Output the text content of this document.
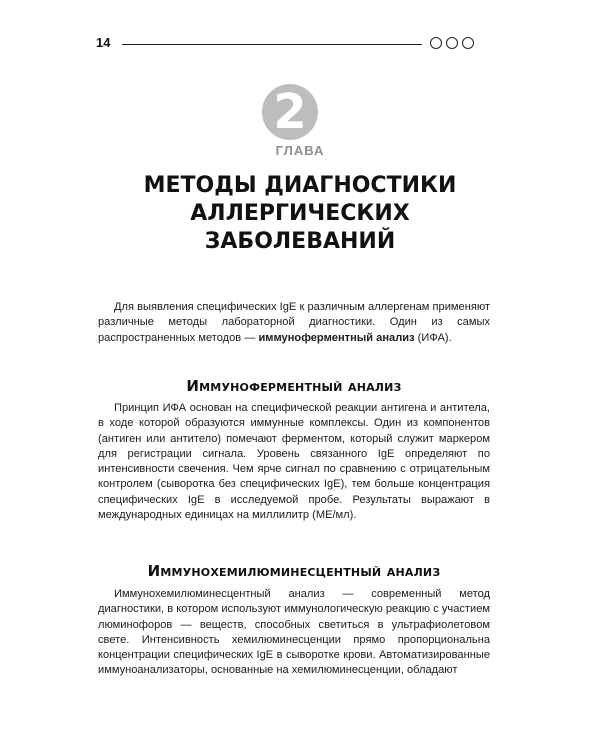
14
2
ГЛАВА
МЕТОДЫ ДИАГНОСТИКИ
АЛЛЕРГИЧЕСКИХ
ЗАБОЛЕВАНИЙ
Для выявления специфических IgE к различным аллергенам применяют различные методы лабораторной диагностики. Один из самых распространенных методов — иммуноферментный анализ (ИФА).
Иммуноферментный анализ
Принцип ИФА основан на специфической реакции антигена и антитела, в ходе которой образуются иммунные комплексы. Один из компонентов (антиген или антитело) помечают ферментом, который служит маркером для регистрации сигнала. Уровень связанного IgE определяют по интенсивности свечения. Чем ярче сигнал по сравнению с отрицательным контролем (сыворотка без специфических IgE), тем больше концентрация специфических IgE в исследуемой пробе. Результаты выражают в международных единицах на миллилитр (МЕ/мл).
Иммунохемилюминесцентный анализ
Иммунохемилюминесцентный анализ — современный метод диагностики, в котором используют иммунологическую реакцию с участием люминофоров — веществ, способных светиться в ультрафиолетовом свете. Интенсивность хемилюминесценции прямо пропорциональна концентрации специфических IgE в сыворотке крови. Автоматизированные иммуноанализаторы, основанные на хемилюминесценции, обладают
